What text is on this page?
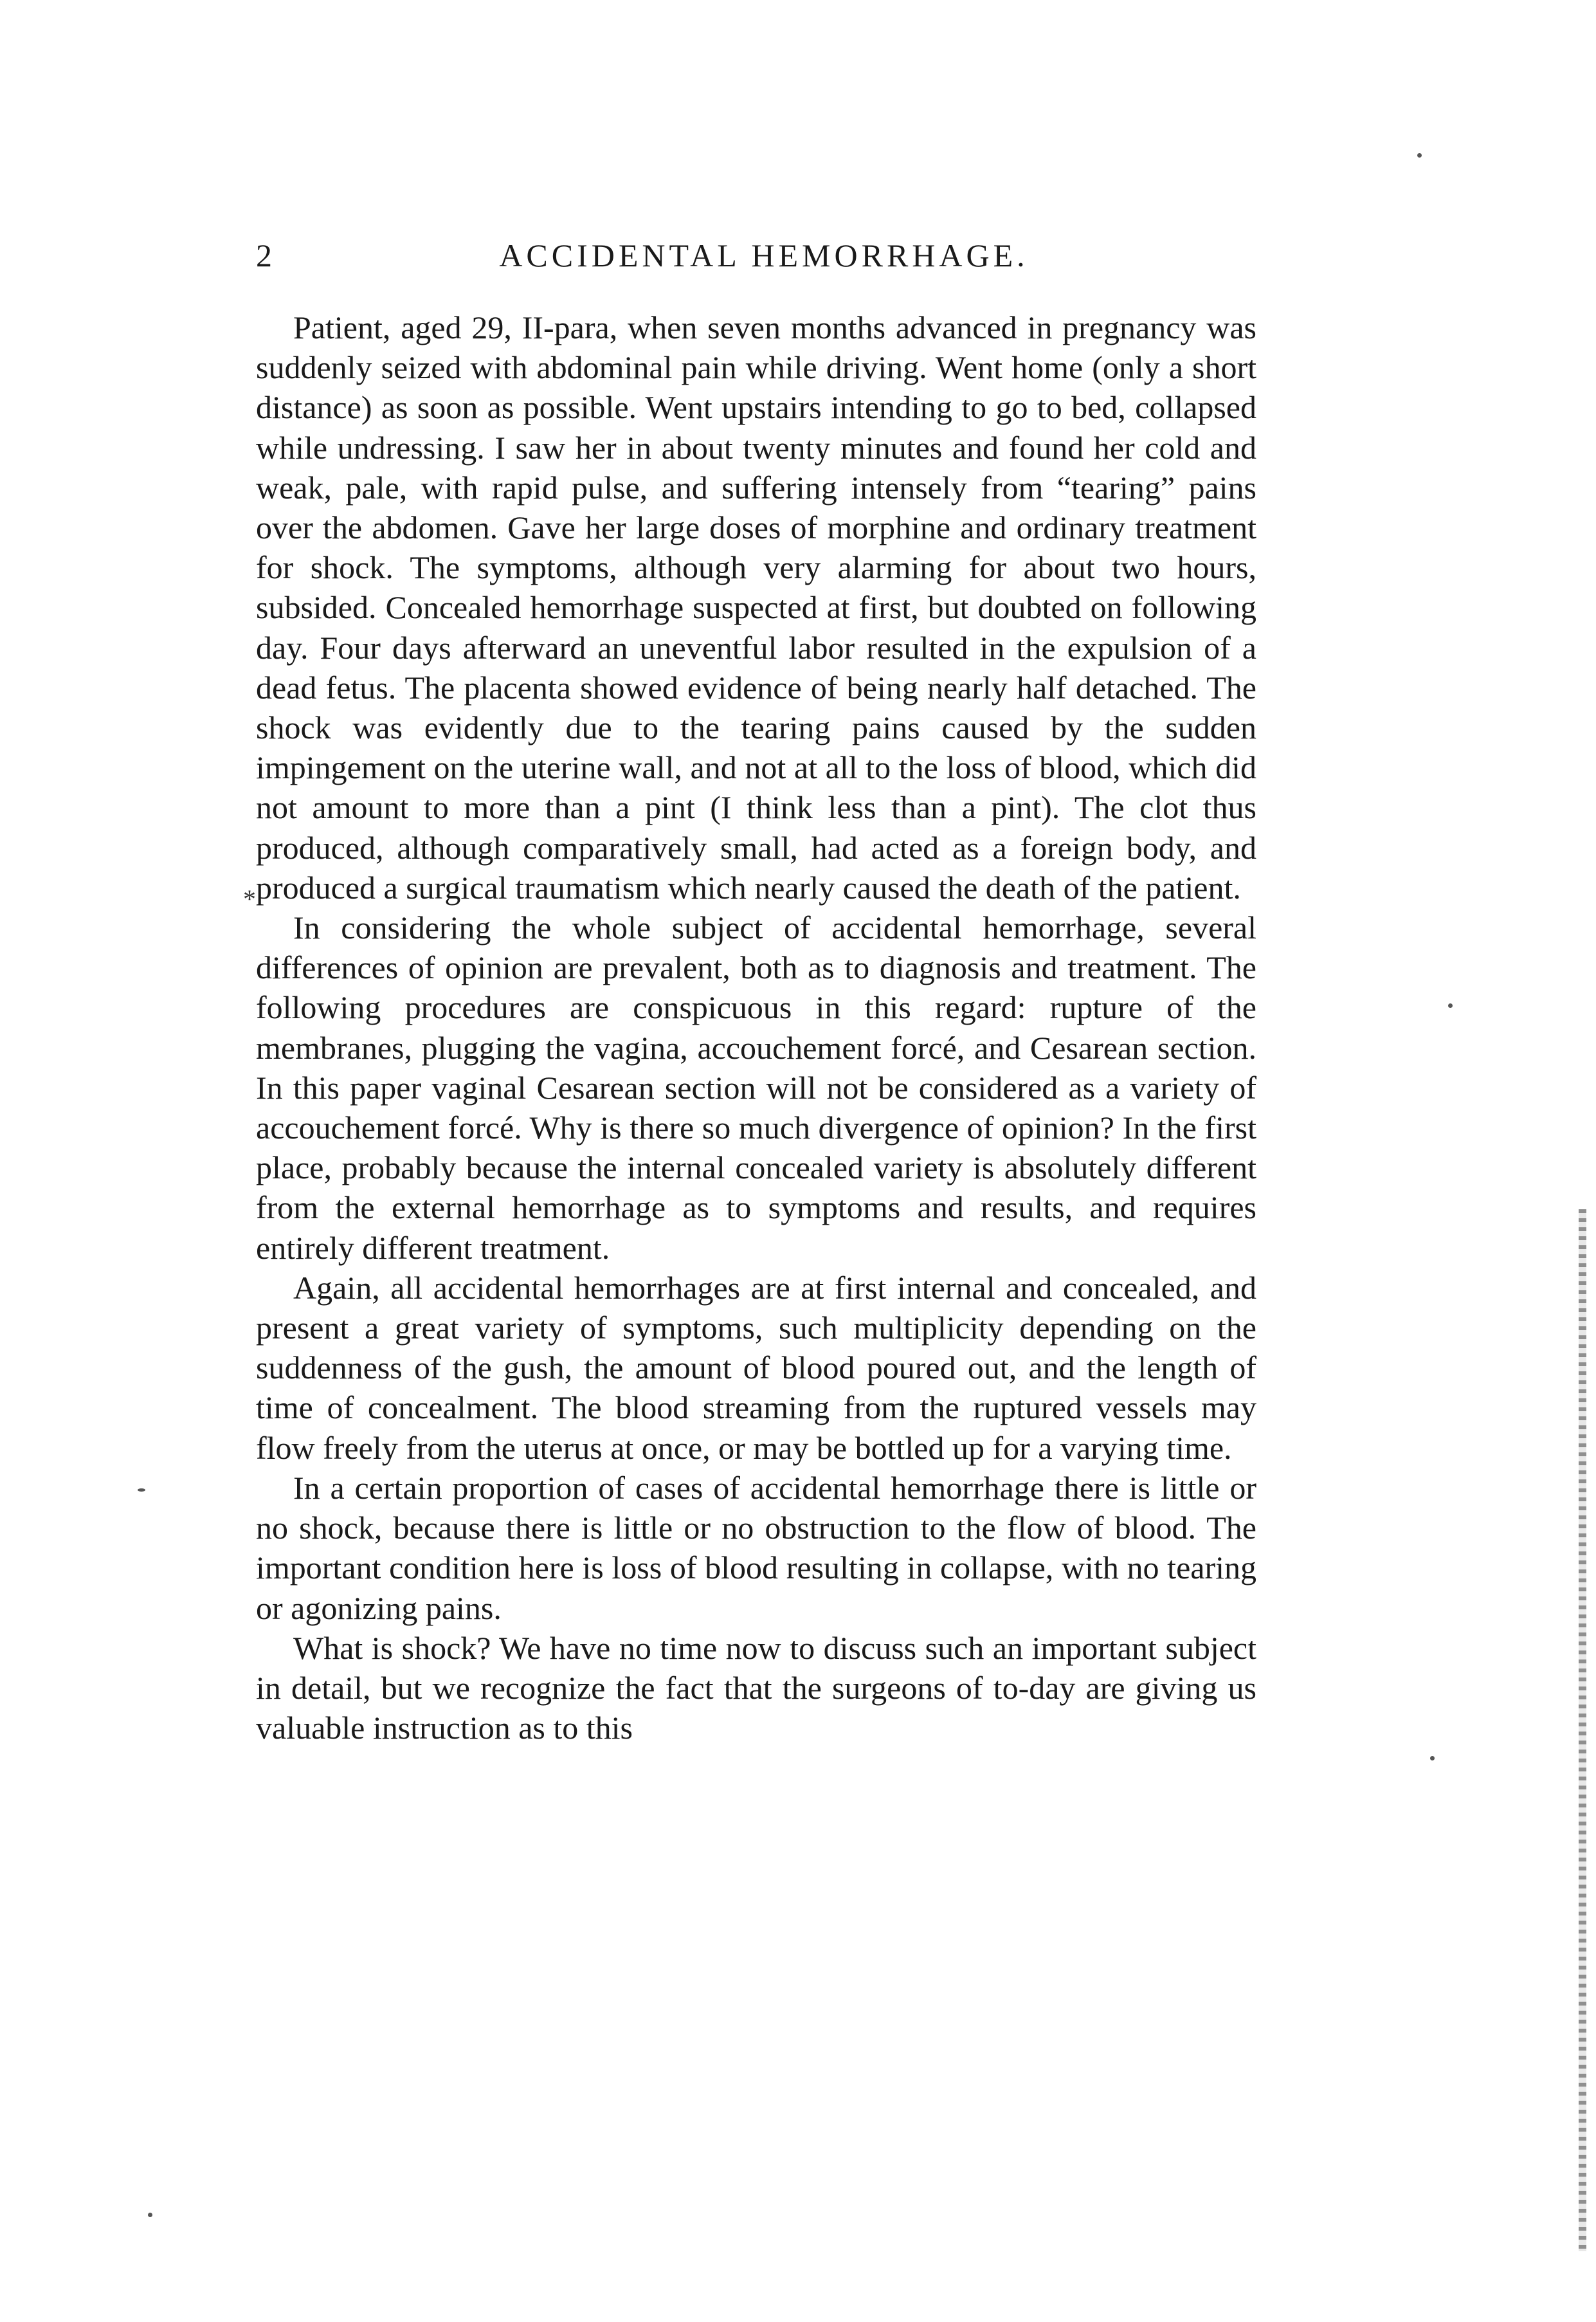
2	ACCIDENTAL HEMORRHAGE.

Patient, aged 29, II-para, when seven months advanced in pregnancy was suddenly seized with abdominal pain while driving. Went home (only a short distance) as soon as possible. Went upstairs intending to go to bed, collapsed while undressing. I saw her in about twenty minutes and found her cold and weak, pale, with rapid pulse, and suffering intensely from “tearing” pains over the abdomen. Gave her large doses of morphine and ordinary treatment for shock. The symptoms, although very alarming for about two hours, subsided. Concealed hemorrhage suspected at first, but doubted on following day. Four days afterward an uneventful labor resulted in the expulsion of a dead fetus. The placenta showed evidence of being nearly half detached. The shock was evidently due to the tearing pains caused by the sudden impingement on the uterine wall, and not at all to the loss of blood, which did not amount to more than a pint (I think less than a pint). The clot thus produced, although comparatively small, had acted as a foreign body, and produced a surgical traumatism which nearly caused the death of the patient.

In considering the whole subject of accidental hemorrhage, several differences of opinion are prevalent, both as to diagnosis and treatment. The following procedures are conspicuous in this regard: rupture of the membranes, plugging the vagina, accouchement forcé, and Cesarean section. In this paper vaginal Cesarean section will not be considered as a variety of accouchement forcé. Why is there so much divergence of opinion? In the first place, probably because the internal concealed variety is absolutely different from the external hemorrhage as to symptoms and results, and requires entirely different treatment.

Again, all accidental hemorrhages are at first internal and concealed, and present a great variety of symptoms, such multiplicity depending on the suddenness of the gush, the amount of blood poured out, and the length of time of concealment. The blood streaming from the ruptured vessels may flow freely from the uterus at once, or may be bottled up for a varying time.

In a certain proportion of cases of accidental hemorrhage there is little or no shock, because there is little or no obstruction to the flow of blood. The important condition here is loss of blood resulting in collapse, with no tearing or agonizing pains.

What is shock? We have no time now to discuss such an important subject in detail, but we recognize the fact that the surgeons of to-day are giving us valuable instruction as to this

*
